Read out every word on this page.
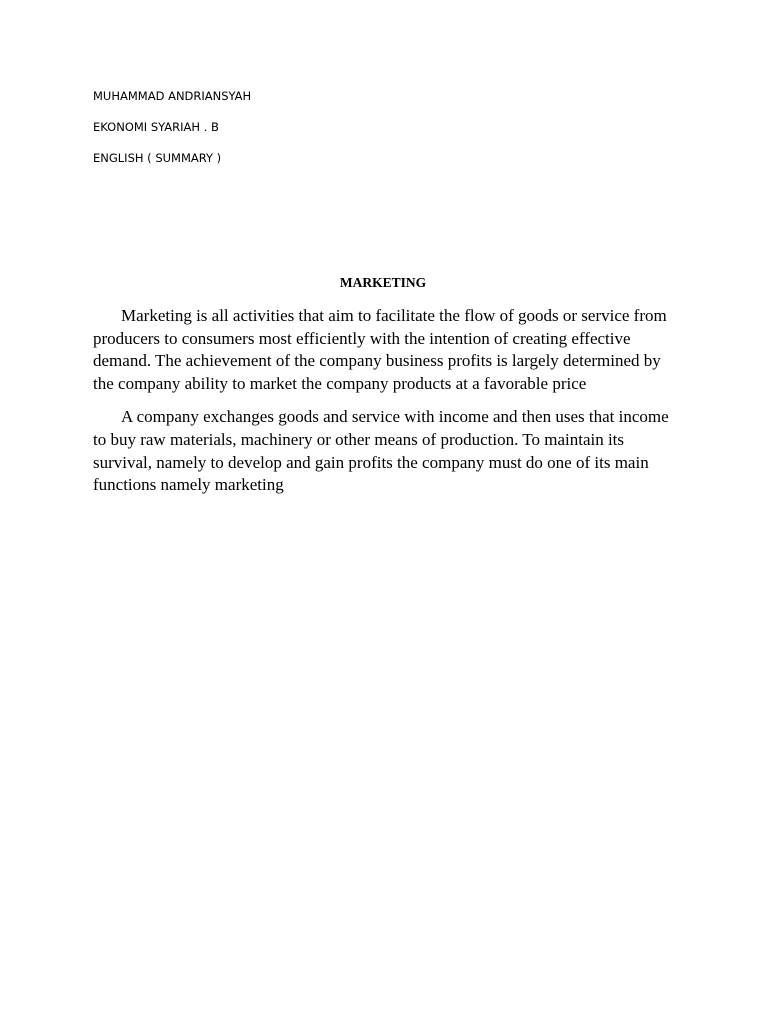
MUHAMMAD ANDRIANSYAH
EKONOMI SYARIAH . B
ENGLISH ( SUMMARY )
MARKETING

Marketing is all activities that aim to facilitate the flow of goods or service from producers to consumers most efficiently with the intention of creating effective demand. The achievement of the company business profits is largely determined by the company ability to market the company products at a favorable price

A company exchanges goods and service with income and then uses that income to buy raw materials, machinery or other means of production. To maintain its survival, namely to develop and gain profits the company must do one of its main functions namely marketing
